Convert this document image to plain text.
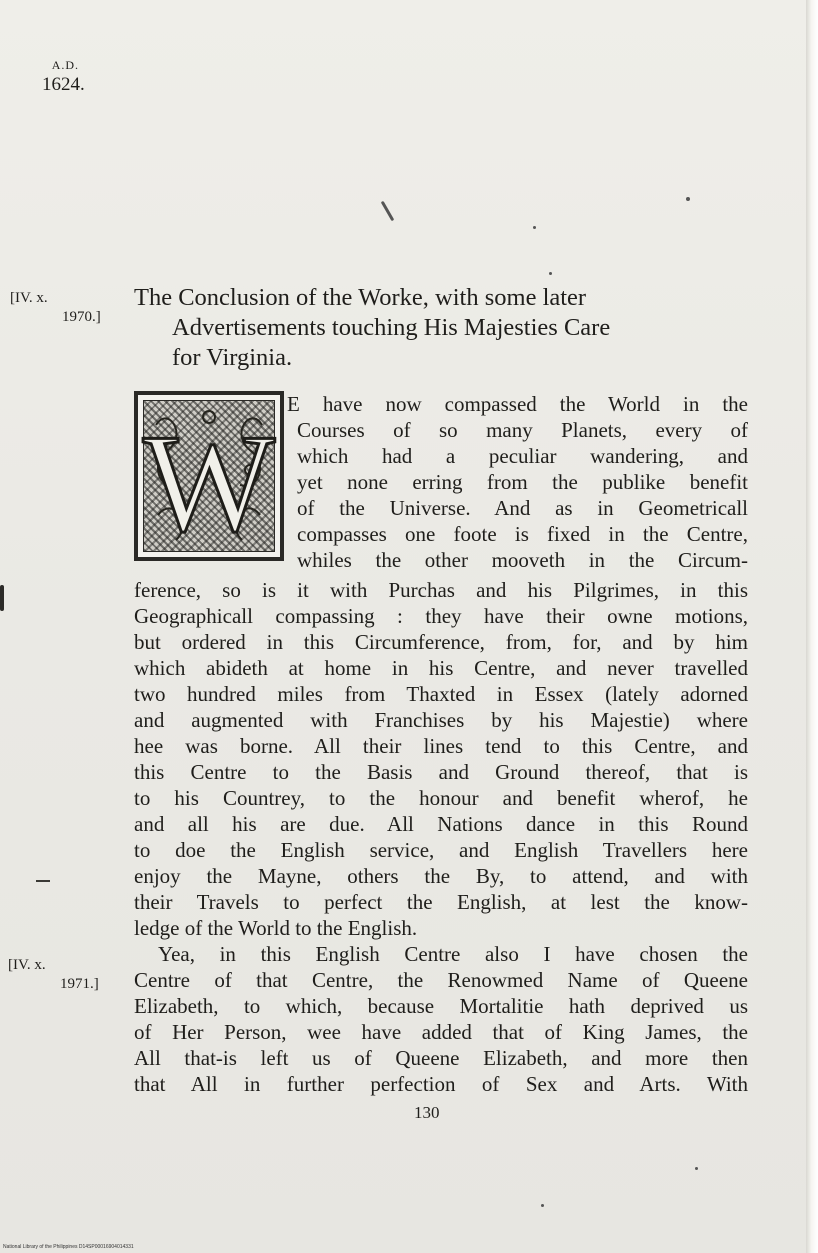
A.D.
1624.
[IV. x.
1970.]
[IV. x.
1971.]
The Conclusion of the Worke, with some later
Advertisements touching His Majesties Care
for Virginia.
W
E have now compassed the World in the
Courses of so many Planets, every of
which had a peculiar wandering, and
yet none erring from the publike benefit
of the Universe. And as in Geometricall
compasses one foote is fixed in the Centre,
whiles the other mooveth in the Circum-
ference, so is it with Purchas and his Pilgrimes, in this
Geographicall compassing : they have their owne motions,
but ordered in this Circumference, from, for, and by him
which abideth at home in his Centre, and never travelled
two hundred miles from Thaxted in Essex (lately adorned
and augmented with Franchises by his Majestie) where
hee was borne. All their lines tend to this Centre, and
this Centre to the Basis and Ground thereof, that is
to his Countrey, to the honour and benefit wherof, he
and all his are due. All Nations dance in this Round
to doe the English service, and English Travellers here
enjoy the Mayne, others the By, to attend, and with
their Travels to perfect the English, at lest the know-
ledge of the World to the English.
Yea, in this English Centre also I have chosen the
Centre of that Centre, the Renowmed Name of Queene
Elizabeth, to which, because Mortalitie hath deprived us
of Her Person, wee have added that of King James, the
All that-is left us of Queene Elizabeth, and more then
that All in further perfection of Sex and Arts. With
130
National Library of the Philippines D14SP00016904014331
